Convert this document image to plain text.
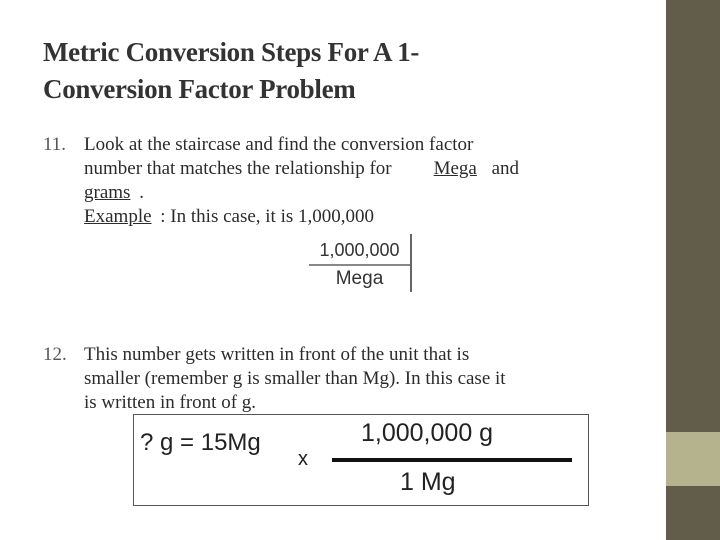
Metric Conversion Steps For A 1-
Conversion Factor Problem
11. Look at the staircase and find the conversion factor
number that matches the relationship for Mega and
grams .
Example : In this case, it is 1,000,000
1,000,000
Mega
12. This number gets written in front of the unit that is
smaller (remember g is smaller than Mg). In this case it
is written in front of g.
? g = 15Mg
x
1,000,000 g
1 Mg
